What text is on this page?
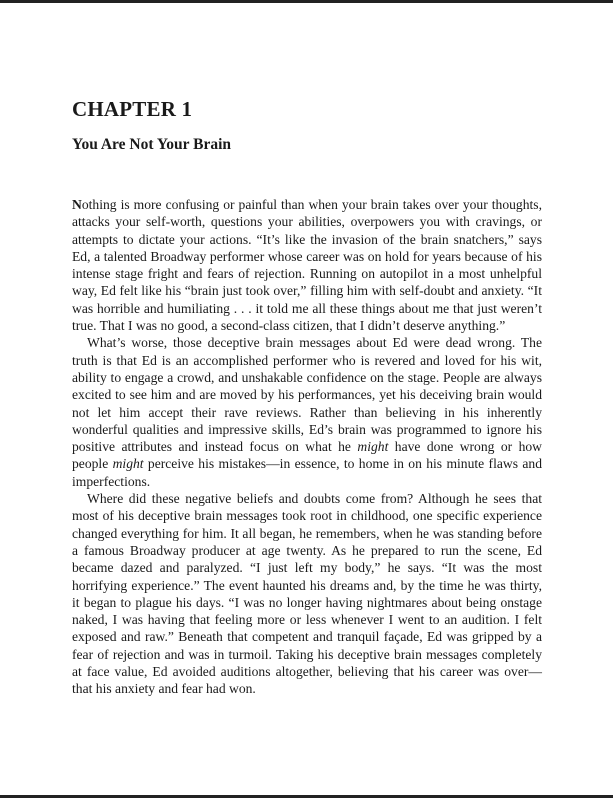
CHAPTER 1
You Are Not Your Brain

Nothing is more confusing or painful than when your brain takes over your thoughts, attacks your self-worth, questions your abilities, overpowers you with cravings, or attempts to dictate your actions. “It’s like the invasion of the brain snatchers,” says Ed, a talented Broadway performer whose career was on hold for years because of his intense stage fright and fears of rejection. Running on autopilot in a most unhelpful way, Ed felt like his “brain just took over,” filling him with self-doubt and anxiety. “It was horrible and humiliating . . . it told me all these things about me that just weren’t true. That I was no good, a second-class citizen, that I didn’t deserve anything.”

What’s worse, those deceptive brain messages about Ed were dead wrong. The truth is that Ed is an accomplished performer who is revered and loved for his wit, ability to engage a crowd, and unshakable confidence on the stage. People are always excited to see him and are moved by his performances, yet his deceiving brain would not let him accept their rave reviews. Rather than believing in his inherently wonderful qualities and impressive skills, Ed’s brain was programmed to ignore his positive attributes and instead focus on what he might have done wrong or how people might perceive his mistakes—in essence, to home in on his minute flaws and imperfections.

Where did these negative beliefs and doubts come from? Although he sees that most of his deceptive brain messages took root in childhood, one specific experience changed everything for him. It all began, he remembers, when he was standing before a famous Broadway producer at age twenty. As he prepared to run the scene, Ed became dazed and paralyzed. “I just left my body,” he says. “It was the most horrifying experience.” The event haunted his dreams and, by the time he was thirty, it began to plague his days. “I was no longer having nightmares about being onstage naked, I was having that feeling more or less whenever I went to an audition. I felt exposed and raw.” Beneath that competent and tranquil façade, Ed was gripped by a fear of rejection and was in turmoil. Taking his deceptive brain messages completely at face value, Ed avoided auditions altogether, believing that his career was over—that his anxiety and fear had won.
